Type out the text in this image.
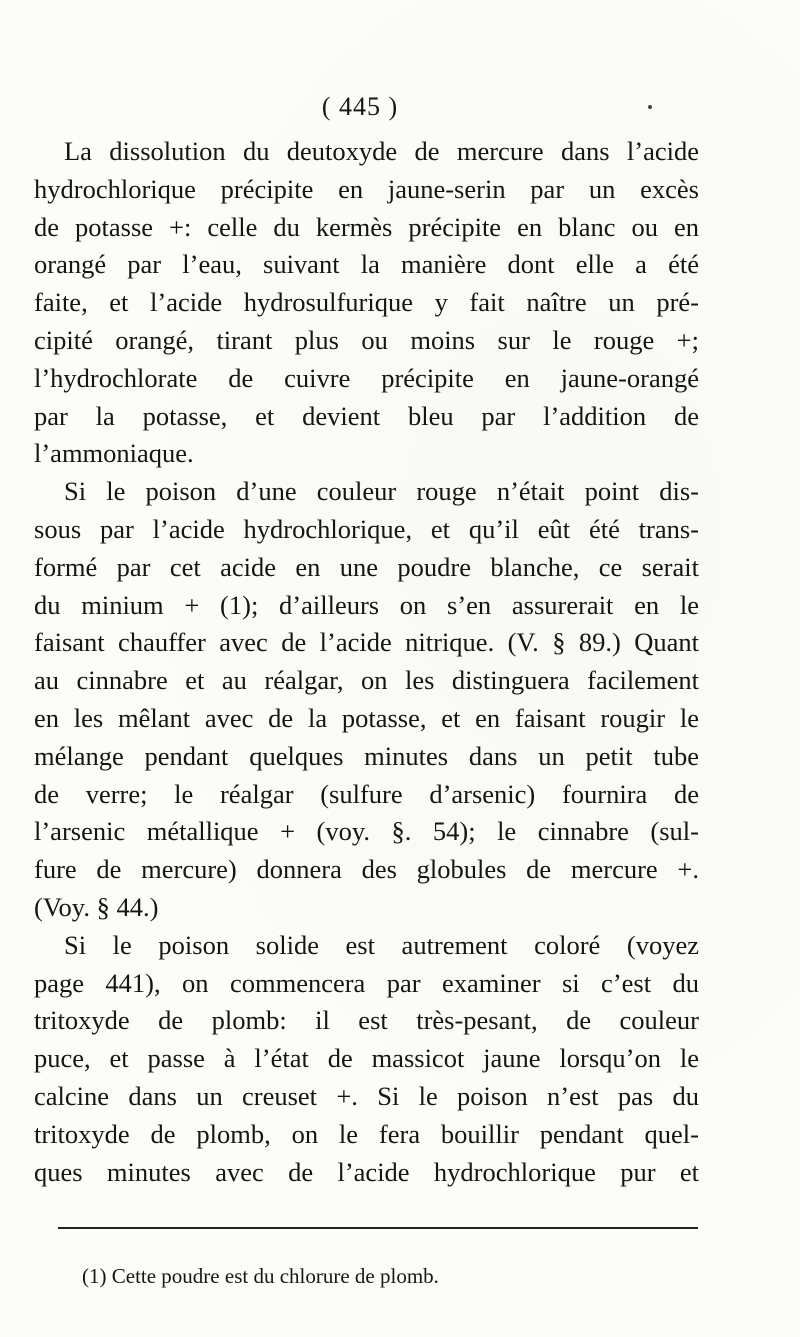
( 445 )
La dissolution du deutoxyde de mercure dans l’acide
hydrochlorique précipite en jaune-serin par un excès
de potasse +: celle du kermès précipite en blanc ou en
orangé par l’eau, suivant la manière dont elle a été
faite, et l’acide hydrosulfurique y fait naître un pré-
cipité orangé, tirant plus ou moins sur le rouge +;
l’hydrochlorate de cuivre précipite en jaune-orangé
par la potasse, et devient bleu par l’addition de
l’ammoniaque.
Si le poison d’une couleur rouge n’était point dis-
sous par l’acide hydrochlorique, et qu’il eût été trans-
formé par cet acide en une poudre blanche, ce serait
du minium + (1); d’ailleurs on s’en assurerait en le
faisant chauffer avec de l’acide nitrique. (V. § 89.) Quant
au cinnabre et au réalgar, on les distinguera facilement
en les mêlant avec de la potasse, et en faisant rougir le
mélange pendant quelques minutes dans un petit tube
de verre; le réalgar (sulfure d’arsenic) fournira de
l’arsenic métallique + (voy. §. 54); le cinnabre (sul-
fure de mercure) donnera des globules de mercure +.
(Voy. § 44.)
Si le poison solide est autrement coloré (voyez
page 441), on commencera par examiner si c’est du
tritoxyde de plomb: il est très-pesant, de couleur
puce, et passe à l’état de massicot jaune lorsqu’on le
calcine dans un creuset +. Si le poison n’est pas du
tritoxyde de plomb, on le fera bouillir pendant quel-
ques minutes avec de l’acide hydrochlorique pur et
(1) Cette poudre est du chlorure de plomb.
